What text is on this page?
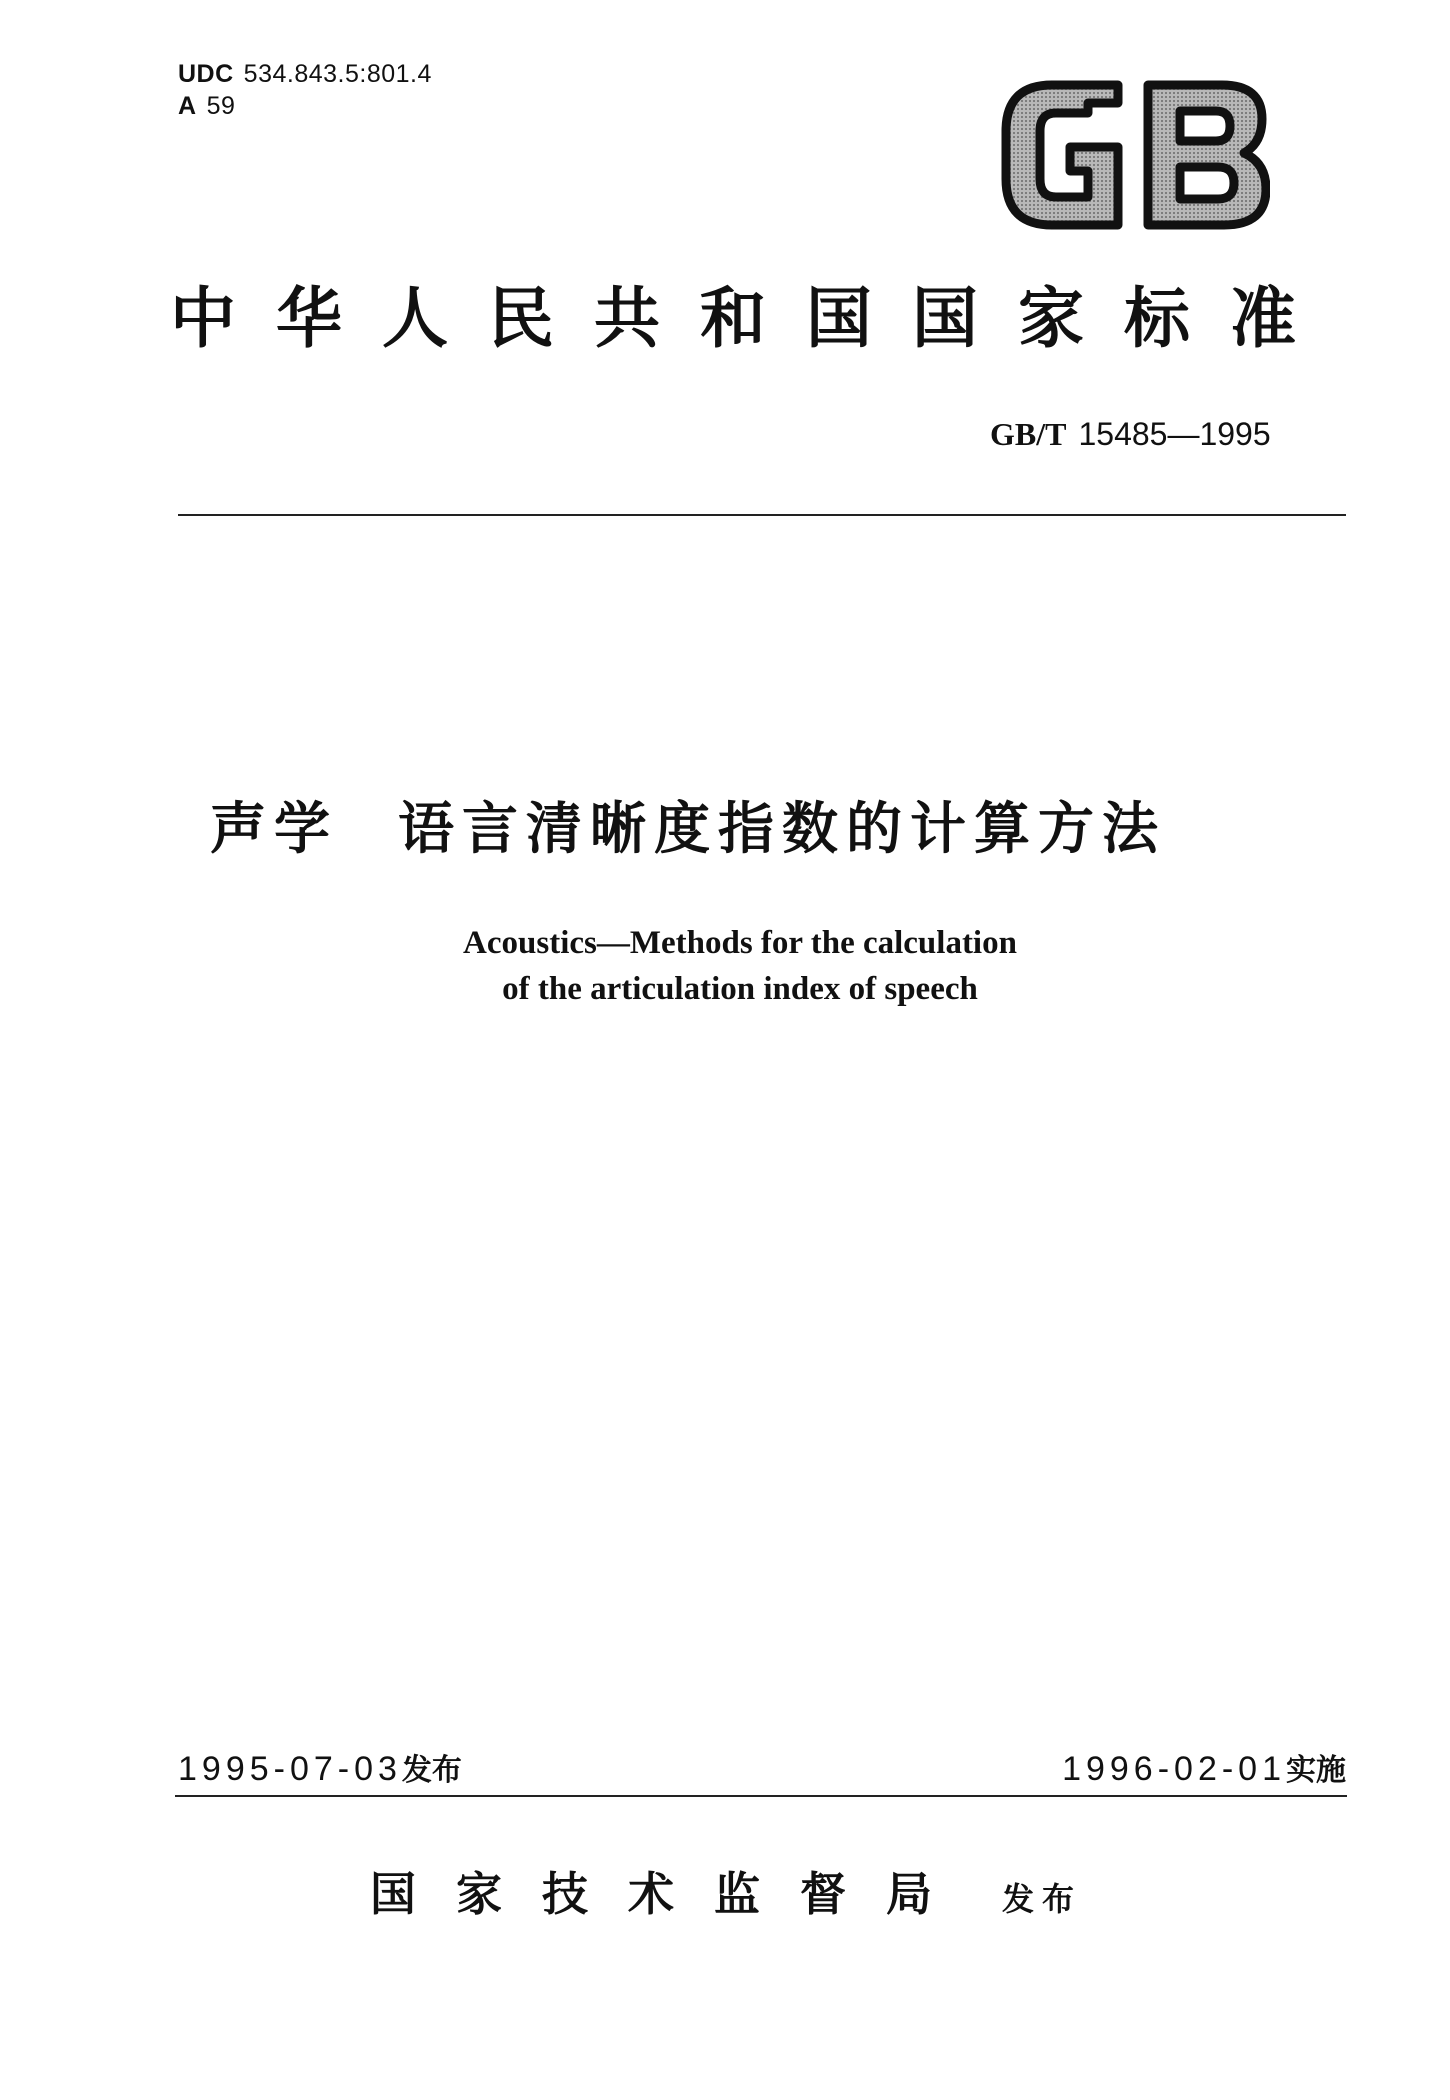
UDC 534.843.5:801.4
A 59
中华人民共和国国家标准
GB/T 15485—1995
声学 语言清晰度指数的计算方法
Acoustics—Methods for the calculation
of the articulation index of speech
1995-07-03发布	1996-02-01实施
国家技术监督局 发布
